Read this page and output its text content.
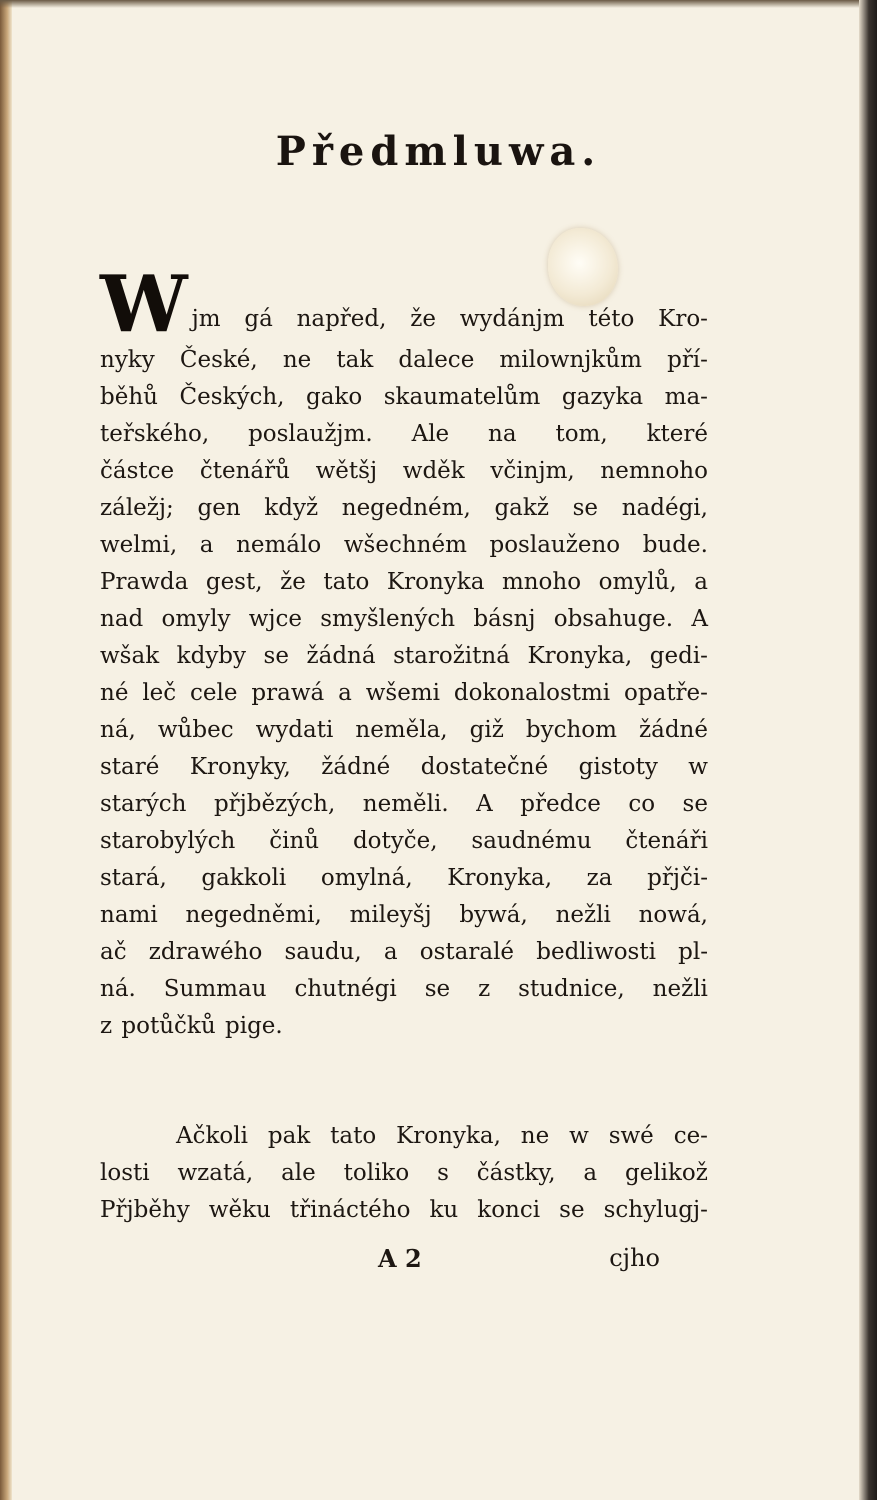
Předmluwa.
W jm gá napřed, že wydánjm této Kro-
nyky České, ne tak dalece milownjkům pří-
běhů Českých, gako skaumatelům gazyka ma-
teřského, poslaužjm. Ale na tom, které
částce čtenářů wětšj wděk včinjm, nemnoho
záležj; gen když negedném, gakž se nadégi,
welmi, a nemálo wšechném poslauženo bude.
Prawda gest, že tato Kronyka mnoho omylů, a
nad omyly wjce smyšlených básnj obsahuge. A
wšak kdyby se žádná starožitná Kronyka, gedi-
né leč cele prawá a wšemi dokonalostmi opatře-
ná, wůbec wydati neměla, giž bychom žádné
staré Kronyky, žádné dostatečné gistoty w
starých přjbězých, neměli. A předce co se
starobylých činů dotyče, saudnému čtenáři
stará, gakkoli omylná, Kronyka, za přjči-
nami negedněmi, mileyšj bywá, nežli nowá,
ač zdrawého saudu, a ostaralé bedliwosti pl-
ná. Summau chutnégi se z studnice, nežli
z potůčků pige.
Ačkoli pak tato Kronyka, ne w swé ce-
losti wzatá, ale toliko s částky, a gelikož
Přjběhy wěku třináctého ku konci se schylugj-
A 2	cjho
